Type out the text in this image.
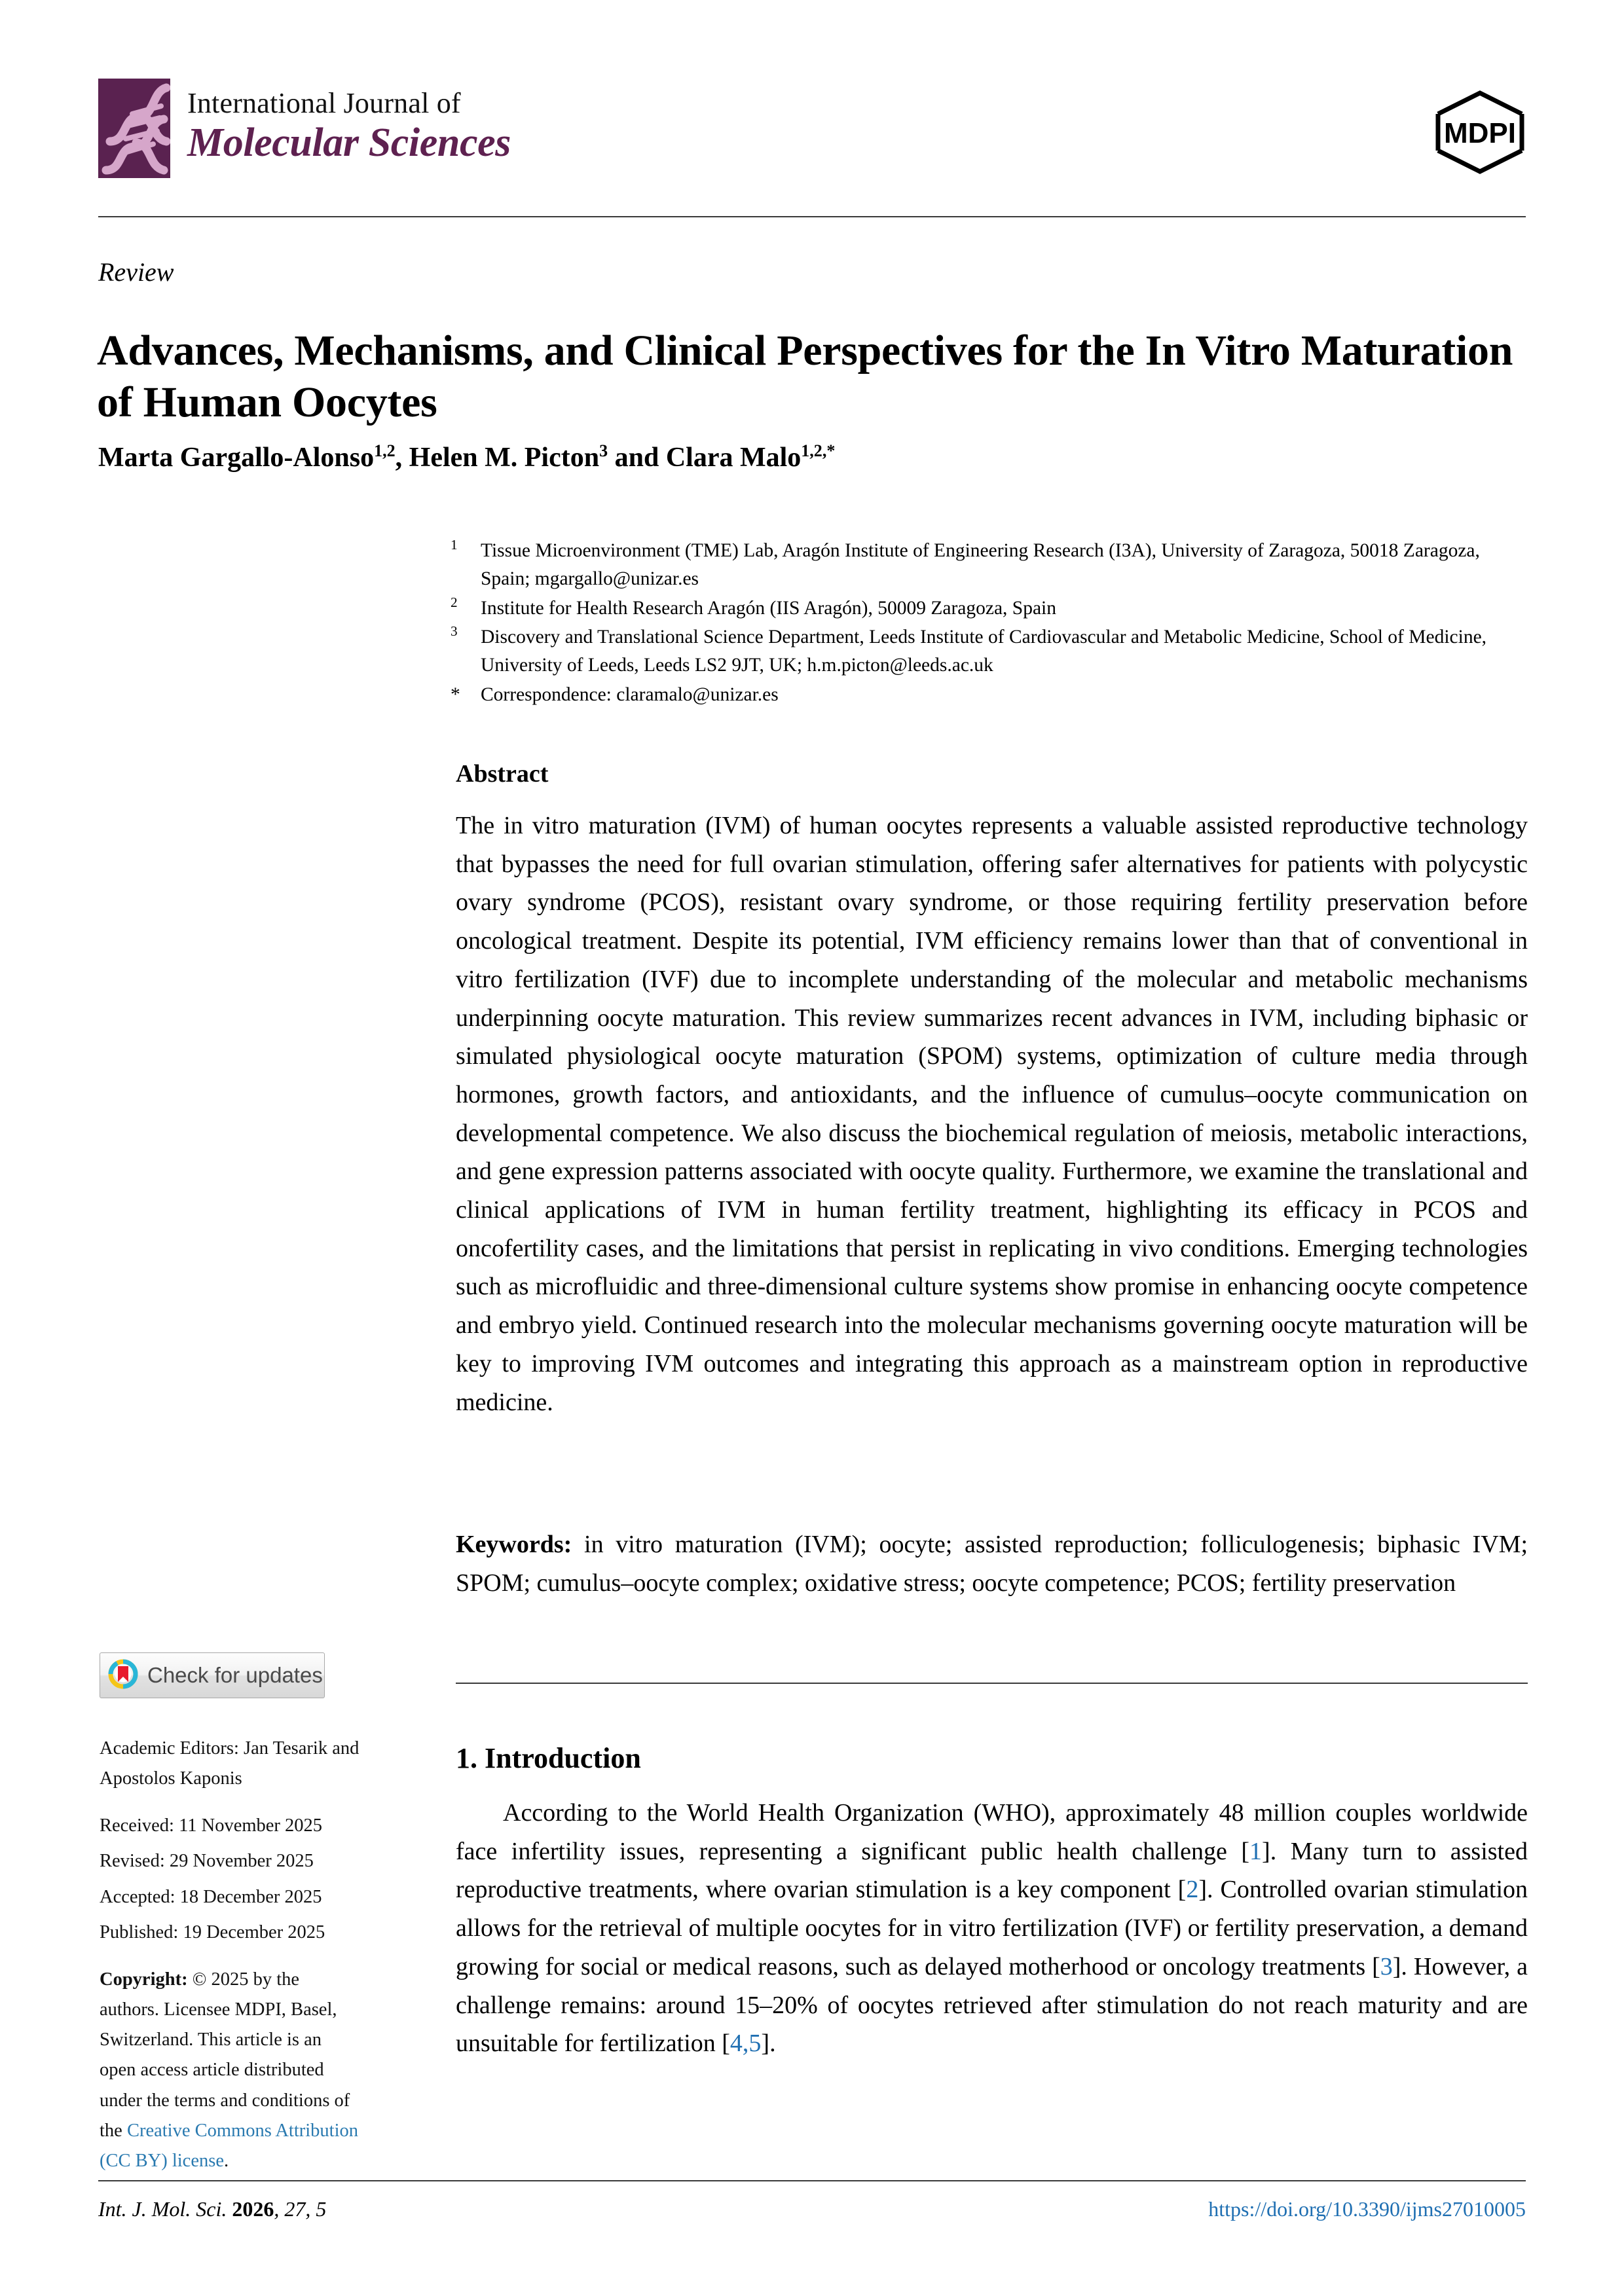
International Journal of
Molecular Sciences	MDPI
Review
Advances, Mechanisms, and Clinical Perspectives for the In Vitro Maturation of Human Oocytes
Marta Gargallo-Alonso$^{1,2}$, Helen M. Picton$^3$ and Clara Malo$^{1,2,*}$
$^1$	Tissue Microenvironment (TME) Lab, Aragón Institute of Engineering Research (I3A), University of Zaragoza, 50018 Zaragoza, Spain; mgargallo@unizar.es
$^2$	Institute for Health Research Aragón (IIS Aragón), 50009 Zaragoza, Spain
$^3$	Discovery and Translational Science Department, Leeds Institute of Cardiovascular and Metabolic Medicine, School of Medicine, University of Leeds, Leeds LS2 9JT, UK; h.m.picton@leeds.ac.uk
*	Correspondence: claramalo@unizar.es
Abstract
The in vitro maturation (IVM) of human oocytes represents a valuable assisted reproductive technology that bypasses the need for full ovarian stimulation, offering safer alternatives for patients with polycystic ovary syndrome (PCOS), resistant ovary syndrome, or those requiring fertility preservation before oncological treatment. Despite its potential, IVM efficiency remains lower than that of conventional in vitro fertilization (IVF) due to incomplete understanding of the molecular and metabolic mechanisms underpinning oocyte maturation. This review summarizes recent advances in IVM, including biphasic or simulated physiological oocyte maturation (SPOM) systems, optimization of culture media through hormones, growth factors, and antioxidants, and the influence of cumulus–oocyte communication on developmental competence. We also discuss the biochemical regulation of meiosis, metabolic interactions, and gene expression patterns associated with oocyte quality. Furthermore, we examine the translational and clinical applications of IVM in human fertility treatment, highlighting its efficacy in PCOS and oncofertility cases, and the limitations that persist in replicating in vivo conditions. Emerging technologies such as microfluidic and three-dimensional culture systems show promise in enhancing oocyte competence and embryo yield. Continued research into the molecular mechanisms governing oocyte maturation will be key to improving IVM outcomes and integrating this approach as a mainstream option in reproductive medicine.
Keywords: in vitro maturation (IVM); oocyte; assisted reproduction; folliculogenesis; biphasic IVM; SPOM; cumulus–oocyte complex; oxidative stress; oocyte competence; PCOS; fertility preservation
1. Introduction
According to the World Health Organization (WHO), approximately 48 million couples worldwide face infertility issues, representing a significant public health challenge [1]. Many turn to assisted reproductive treatments, where ovarian stimulation is a key component [2]. Controlled ovarian stimulation allows for the retrieval of multiple oocytes for in vitro fertilization (IVF) or fertility preservation, a demand growing for social or medical reasons, such as delayed motherhood or oncology treatments [3]. However, a challenge remains: around 15–20% of oocytes retrieved after stimulation do not reach maturity and are unsuitable for fertilization [4,5].
Check for updates
Academic Editors: Jan Tesarik and Apostolos Kaponis
Received: 11 November 2025
Revised: 29 November 2025
Accepted: 18 December 2025
Published: 19 December 2025
Copyright: © 2025 by the authors. Licensee MDPI, Basel, Switzerland. This article is an open access article distributed under the terms and conditions of the Creative Commons Attribution (CC BY) license.
Int. J. Mol. Sci. 2026, 27, 5	https://doi.org/10.3390/ijms27010005
